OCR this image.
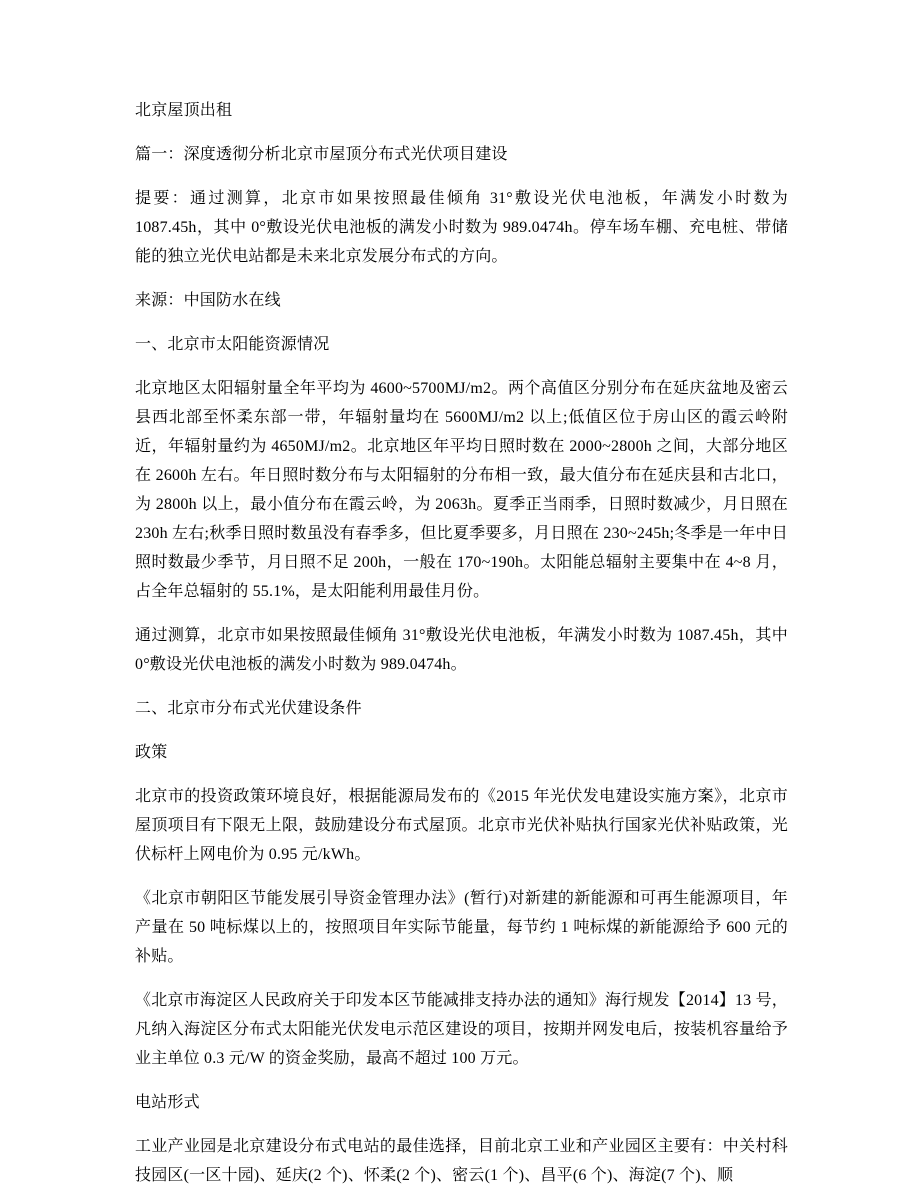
北京屋顶出租

篇一：深度透彻分析北京市屋顶分布式光伏项目建设

提要：通过测算，北京市如果按照最佳倾角 31°敷设光伏电池板，年满发小时数为 1087.45h，其中 0°敷设光伏电池板的满发小时数为 989.0474h。停车场车棚、充电桩、带储能的独立光伏电站都是未来北京发展分布式的方向。

来源：中国防水在线

一、北京市太阳能资源情况

北京地区太阳辐射量全年平均为 4600~5700MJ/m2。两个高值区分别分布在延庆盆地及密云县西北部至怀柔东部一带，年辐射量均在 5600MJ/m2 以上;低值区位于房山区的霞云岭附近，年辐射量约为 4650MJ/m2。北京地区年平均日照时数在 2000~2800h 之间，大部分地区在 2600h 左右。年日照时数分布与太阳辐射的分布相一致，最大值分布在延庆县和古北口，为 2800h 以上，最小值分布在霞云岭，为 2063h。夏季正当雨季，日照时数减少，月日照在 230h 左右;秋季日照时数虽没有春季多，但比夏季要多，月日照在 230~245h;冬季是一年中日照时数最少季节，月日照不足 200h，一般在 170~190h。太阳能总辐射主要集中在 4~8 月，占全年总辐射的 55.1%，是太阳能利用最佳月份。

通过测算，北京市如果按照最佳倾角 31°敷设光伏电池板，年满发小时数为 1087.45h，其中 0°敷设光伏电池板的满发小时数为 989.0474h。

二、北京市分布式光伏建设条件

政策

北京市的投资政策环境良好，根据能源局发布的《2015 年光伏发电建设实施方案》，北京市屋顶项目有下限无上限，鼓励建设分布式屋顶。北京市光伏补贴执行国家光伏补贴政策，光伏标杆上网电价为 0.95 元/kWh。

《北京市朝阳区节能发展引导资金管理办法》(暂行)对新建的新能源和可再生能源项目，年产量在 50 吨标煤以上的，按照项目年实际节能量，每节约 1 吨标煤的新能源给予 600 元的补贴。

《北京市海淀区人民政府关于印发本区节能减排支持办法的通知》海行规发【2014】13 号，凡纳入海淀区分布式太阳能光伏发电示范区建设的项目，按期并网发电后，按装机容量给予业主单位 0.3 元/W 的资金奖励，最高不超过 100 万元。

电站形式

工业产业园是北京建设分布式电站的最佳选择，目前北京工业和产业园区主要有：中关村科技园区(一区十园)、延庆(2 个)、怀柔(2 个)、密云(1 个)、昌平(6 个)、海淀(7 个)、顺
